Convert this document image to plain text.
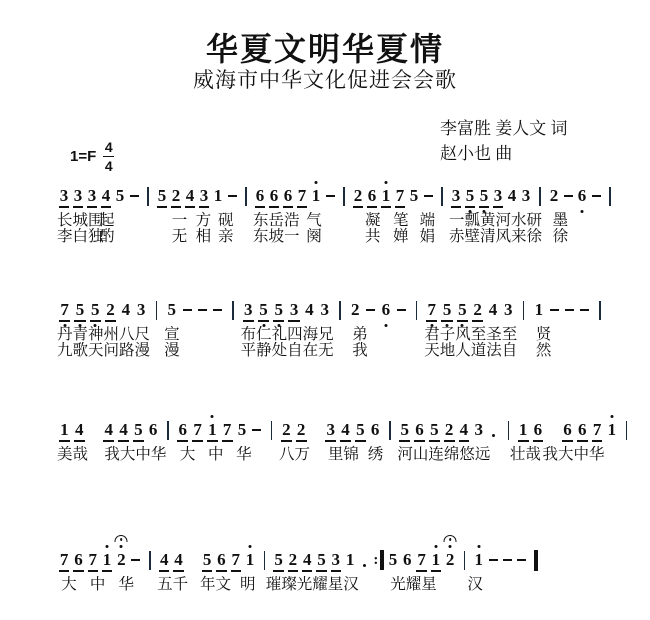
华夏文明华夏情
威海市中华文化促进会会歌
李富胜 姜人文 词
赵小也 曲
$1=F \frac{4}{4}$
3 3 3 4 5 5 2 4 3 1 6 6 6 7 1 2 6 1 7 5 3 5 5 3 4 3 2 6
长城围
起	一 方 砚 东岳浩 气	凝 笔 端 一瓢黄河水研 墨
李白独
酌	无 相 亲 东坡一 阕	共 婵 娟 赤壁清风来徐 徐
7 5 5 2 4 3 5	3 5 5 3 4 3 2 6 7 5 5 2 4 3 1
丹青神州八尺 宣	布仁礼四海兄 弟	君子风至圣至 贤
九歌天问路漫 漫	平静处自在无 我	天地人道法自 然
1 4 4 4 5 6 6 7 1 7 5 2 2 3 4 5 6 5 6 5 2 4 3 1 6 6 6 7 1
美哉 我大中华 大 中 华 八万 里锦 绣 河山连绵悠远 壮哉 我大中华
7 6 7 1 2 4 4 5 6 7 1 5 2 4 5 3 1 : 5 6 7 1 2 1
大 中 华 五千 年文 明 璀璨光耀星汉 光耀星 汉
